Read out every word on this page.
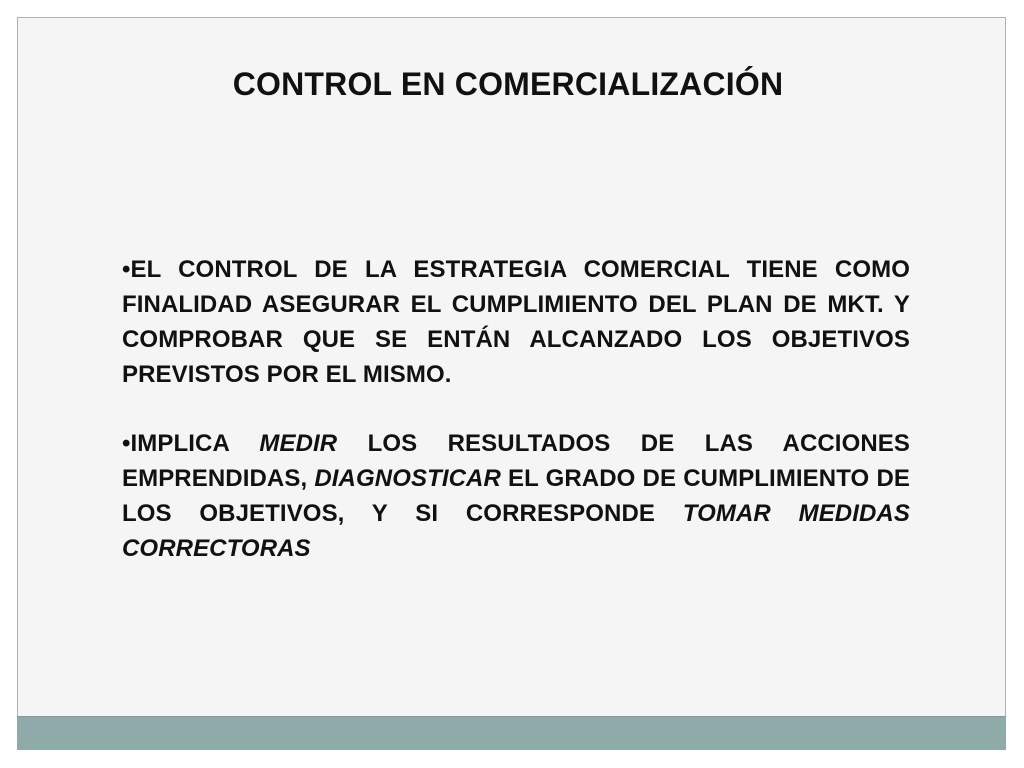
CONTROL EN COMERCIALIZACIÓN

•EL CONTROL DE LA ESTRATEGIA COMERCIAL TIENE COMO FINALIDAD ASEGURAR EL CUMPLIMIENTO DEL PLAN DE MKT. Y COMPROBAR QUE SE ENTÁN ALCANZADO LOS OBJETIVOS PREVISTOS POR EL MISMO.

•IMPLICA MEDIR LOS RESULTADOS DE LAS ACCIONES EMPRENDIDAS, DIAGNOSTICAR EL GRADO DE CUMPLIMIENTO DE LOS OBJETIVOS, Y SI CORRESPONDE TOMAR MEDIDAS CORRECTORAS
